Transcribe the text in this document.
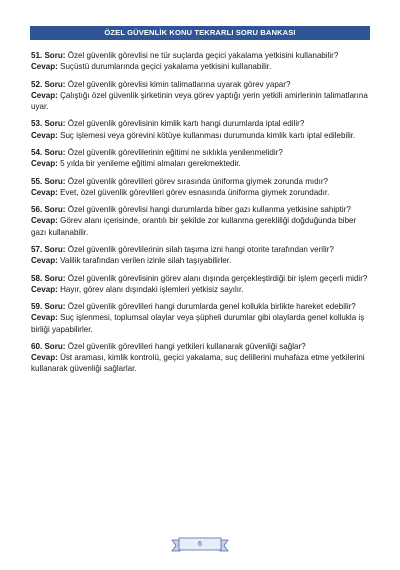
ÖZEL GÜVENLİK KONU TEKRARLI SORU BANKASI
51. Soru: Özel güvenlik görevlisi ne tür suçlarda geçici yakalama yetkisini kullanabilir?
Cevap: Suçüstü durumlarında geçici yakalama yetkisini kullanabilir.
52. Soru: Özel güvenlik görevlisi kimin talimatlarına uyarak görev yapar?
Cevap: Çalıştığı özel güvenlik şirketinin veya görev yaptığı yerin yetkili amirlerinin talimatlarına uyar.
53. Soru: Özel güvenlik görevlisinin kimlik kartı hangi durumlarda iptal edilir?
Cevap: Suç işlemesi veya görevini kötüye kullanması durumunda kimlik kartı iptal edilebilir.
54. Soru: Özel güvenlik görevlilerinin eğitimi ne sıklıkla yenilenmelidir?
Cevap: 5 yılda bir yenileme eğitimi almaları gerekmektedir.
55. Soru: Özel güvenlik görevlileri görev sırasında üniforma giymek zorunda mıdır?
Cevap: Evet, özel güvenlik görevlileri görev esnasında üniforma giymek zorundadır.
56. Soru: Özel güvenlik görevlisi hangi durumlarda biber gazı kullanma yetkisine sahiptir?
Cevap: Görev alanı içerisinde, orantılı bir şekilde zor kullanma gerekliliği doğduğunda biber gazı kullanabilir.
57. Soru: Özel güvenlik görevlilerinin silah taşıma izni hangi otorite tarafından verilir?
Cevap: Valilik tarafından verilen izinle silah taşıyabilirler.
58. Soru: Özel güvenlik görevlisinin görev alanı dışında gerçekleştirdiği bir işlem geçerli midir?
Cevap: Hayır, görev alanı dışındaki işlemleri yetkisiz sayılır.
59. Soru: Özel güvenlik görevlileri hangi durumlarda genel kollukla birlikte hareket edebilir?
Cevap: Suç işlenmesi, toplumsal olaylar veya şüpheli durumlar gibi olaylarda genel kollukla iş birliği yapabilirler.
60. Soru: Özel güvenlik görevlileri hangi yetkileri kullanarak güvenliği sağlar?
Cevap: Üst araması, kimlik kontrolü, geçici yakalama, suç delillerini muhafaza etme yetkilerini kullanarak güvenliği sağlarlar.
6
